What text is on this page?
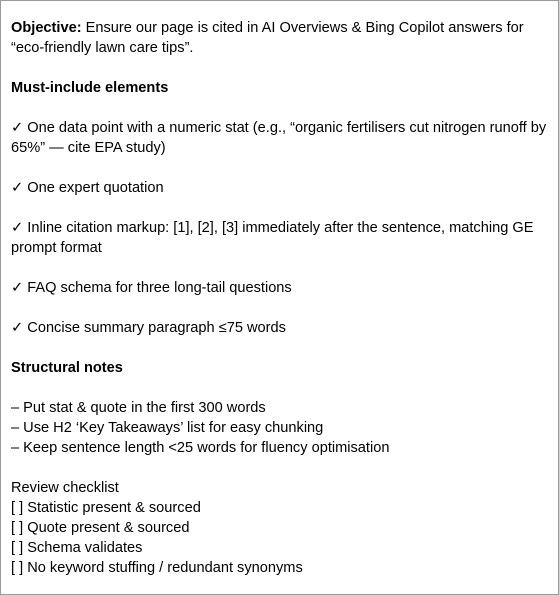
Objective: Ensure our page is cited in AI Overviews & Bing Copilot answers for “eco-friendly lawn care tips”.

Must-include elements

✓ One data point with a numeric stat (e.g., “organic fertilisers cut nitrogen runoff by 65%” — cite EPA study)

✓ One expert quotation

✓ Inline citation markup: [1], [2], [3] immediately after the sentence, matching GE prompt format

✓ FAQ schema for three long-tail questions

✓ Concise summary paragraph ≤75 words

Structural notes

– Put stat & quote in the first 300 words

– Use H2 ‘Key Takeaways’ list for easy chunking

– Keep sentence length <25 words for fluency optimisation

Review checklist

[ ] Statistic present & sourced

[ ] Quote present & sourced

[ ] Schema validates

[ ] No keyword stuffing / redundant synonyms
